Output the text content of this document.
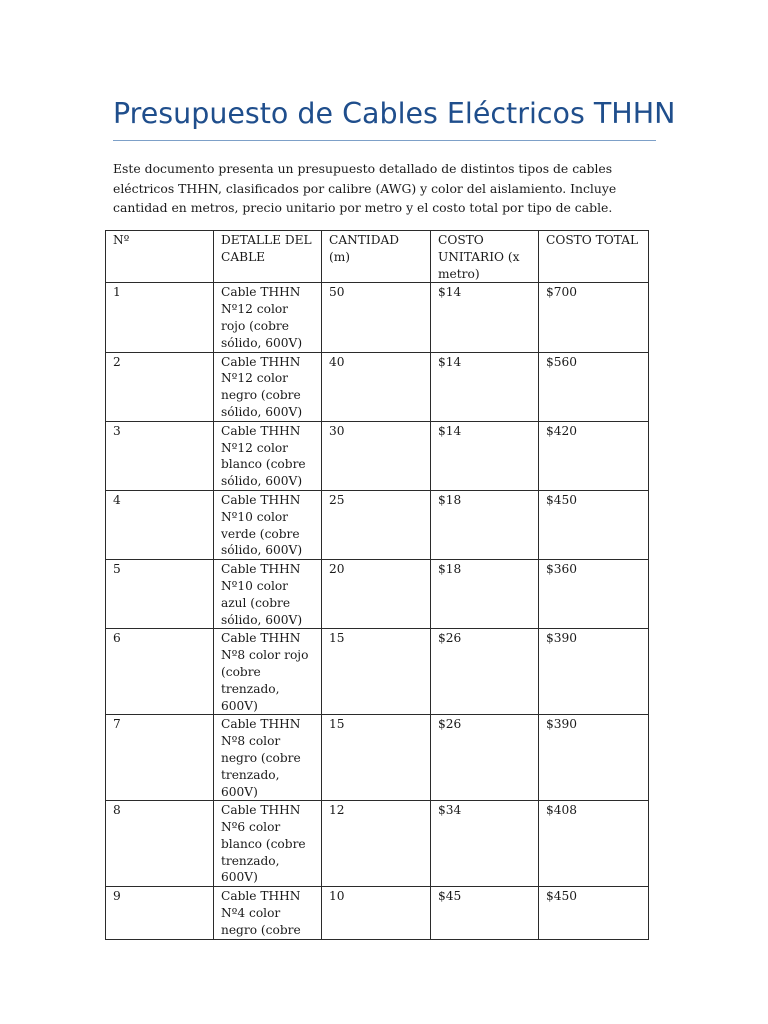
Presupuesto de Cables Eléctricos THHN

Este documento presenta un presupuesto detallado de distintos tipos de cables eléctricos THHN, clasificados por calibre (AWG) y color del aislamiento. Incluye cantidad en metros, precio unitario por metro y el costo total por tipo de cable.

Nº	DETALLE DEL CABLE	CANTIDAD (m)	COSTO UNITARIO (x metro)	COSTO TOTAL
1	Cable THHN Nº12 color rojo (cobre sólido, 600V)	50	$14	$700
2	Cable THHN Nº12 color negro (cobre sólido, 600V)	40	$14	$560
3	Cable THHN Nº12 color blanco (cobre sólido, 600V)	30	$14	$420
4	Cable THHN Nº10 color verde (cobre sólido, 600V)	25	$18	$450
5	Cable THHN Nº10 color azul (cobre sólido, 600V)	20	$18	$360
6	Cable THHN Nº8 color rojo (cobre trenzado, 600V)	15	$26	$390
7	Cable THHN Nº8 color negro (cobre trenzado, 600V)	15	$26	$390
8	Cable THHN Nº6 color blanco (cobre trenzado, 600V)	12	$34	$408
9	Cable THHN Nº4 color negro (cobre	10	$45	$450
